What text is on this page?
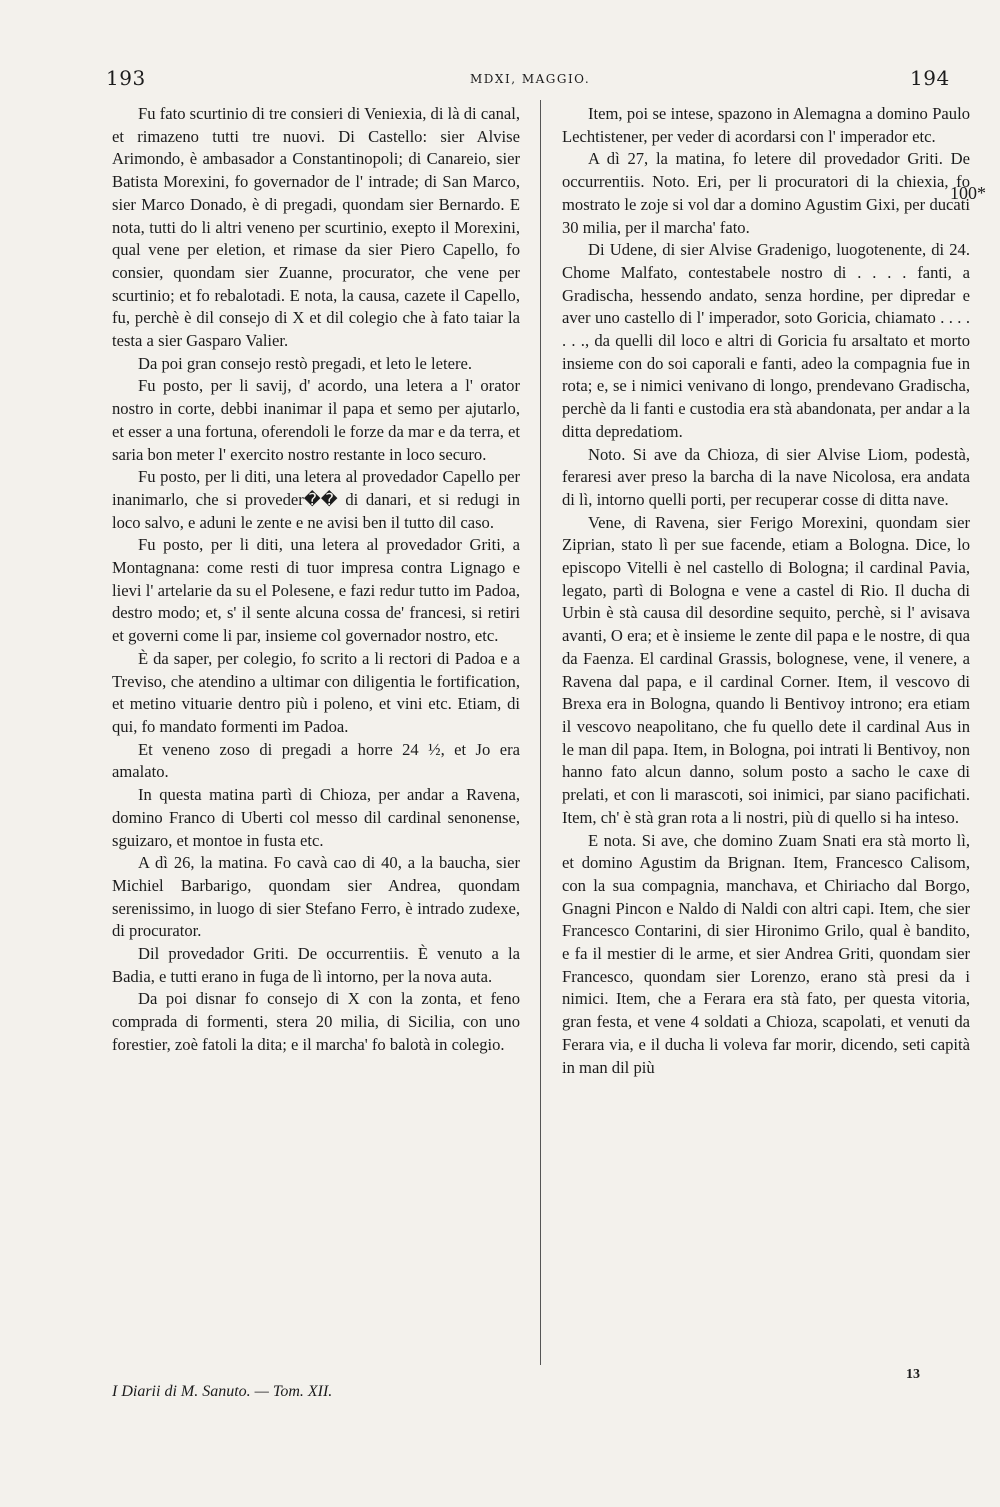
193	MDXI, MAGGIO.	194

Fu fato scurtinio di tre consieri di Veniexia, di là di canal, et rimazeno tutti tre nuovi. Di Castello: sier Alvise Arimondo, è ambasador a Constantinopoli; di Canareio, sier Batista Morexini, fo governador de l' intrade; di San Marco, sier Marco Donado, è di pregadi, quondam sier Bernardo. E nota, tutti do li altri veneno per scurtinio, exepto il Morexini, qual vene per eletion, et rimase da sier Piero Capello, fo consier, quondam sier Zuanne, procurator, che vene per scurtinio; et fo rebalotadi. E nota, la causa, cazete il Capello, fu, perchè è dil consejo di X et dil colegio che à fato taiar la testa a sier Gasparo Valier.

Da poi gran consejo restò pregadi, et leto le letere.

Fu posto, per li savij, d' acordo, una letera a l' orator nostro in corte, debbi inanimar il papa et semo per ajutarlo, et esser a una fortuna, oferendoli le forze da mar e da terra, et saria bon meter l' exercito nostro restante in loco securo.

Fu posto, per li diti, una letera al provedador Capello per inanimarlo, che si proveder�� di danari, et si redugi in loco salvo, e aduni le zente e ne avisi ben il tutto dil caso.

Fu posto, per li diti, una letera al provedador Griti, a Montagnana: come resti di tuor impresa contra Lignago e lievi l' artelarie da su el Polesene, e fazi redur tutto im Padoa, destro modo; et, s' il sente alcuna cossa de' francesi, si retiri et governi come li par, insieme col governador nostro, etc.

È da saper, per colegio, fo scrito a li rectori di Padoa e a Treviso, che atendino a ultimar con diligentia le fortification, et metino vituarie dentro più i poleno, et vini etc. Etiam, di qui, fo mandato formenti im Padoa.

Et veneno zoso di pregadi a horre 24 ½, et Jo era amalato.

In questa matina partì di Chioza, per andar a Ravena, domino Franco di Uberti col messo dil cardinal senonense, sguizaro, et montoe in fusta etc.

A dì 26, la matina. Fo cavà cao di 40, a la baucha, sier Michiel Barbarigo, quondam sier Andrea, quondam serenissimo, in luogo di sier Stefano Ferro, è intrado zudexe, di procurator.

Dil provedador Griti. De occurrentiis. È venuto a la Badia, e tutti erano in fuga de lì intorno, per la nova auta.

Da poi disnar fo consejo di X con la zonta, et feno comprada di formenti, stera 20 milia, di Sicilia, con uno forestier, zoè fatoli la dita; e il marcha' fo balotà in colegio.

Item, poi se intese, spazono in Alemagna a domino Paulo Lechtistener, per veder di acordarsi con l' imperador etc.

A dì 27, la matina, fo letere dil provedador Griti. De occurrentiis. Noto. Eri, per li procuratori di la chiexia, fo mostrato le zoje si vol dar a domino Agustim Gixi, per ducati 30 milia, per il marcha' fato.

Di Udene, di sier Alvise Gradenigo, luogotenente, di 24. Chome Malfato, contestabele nostro di . . . . fanti, a Gradischa, hessendo andato, senza hordine, per dipredar e aver uno castello di l' imperador, soto Goricia, chiamato . . . . . . ., da quelli dil loco e altri di Goricia fu arsaltato et morto insieme con do soi caporali e fanti, adeo la compagnia fue in rota; e, se i nimici venivano di longo, prendevano Gradischa, perchè da li fanti e custodia era stà abandonata, per andar a la ditta depredatiom.

Noto. Si ave da Chioza, di sier Alvise Liom, podestà, feraresi aver preso la barcha di la nave Nicolosa, era andata di lì, intorno quelli porti, per recuperar cosse di ditta nave.

Vene, di Ravena, sier Ferigo Morexini, quondam sier Ziprian, stato lì per sue facende, etiam a Bologna. Dice, lo episcopo Vitelli è nel castello di Bologna; il cardinal Pavia, legato, partì di Bologna e vene a castel di Rio. Il ducha di Urbin è stà causa dil desordine sequito, perchè, si l' avisava avanti, O era; et è insieme le zente dil papa e le nostre, di qua da Faenza. El cardinal Grassis, bolognese, vene, il venere, a Ravena dal papa, e il cardinal Corner. Item, il vescovo di Brexa era in Bologna, quando li Bentivoy introno; era etiam il vescovo neapolitano, che fu quello dete il cardinal Aus in le man dil papa. Item, in Bologna, poi intrati li Bentivoy, non hanno fato alcun danno, solum posto a sacho le caxe di prelati, et con li marascoti, soi inimici, par siano pacifichati. Item, ch' è stà gran rota a li nostri, più di quello si ha inteso.

E nota. Si ave, che domino Zuam Snati era stà morto lì, et domino Agustim da Brignan. Item, Francesco Calisom, con la sua compagnia, manchava, et Chiriacho dal Borgo, Gnagni Pincon e Naldo di Naldi con altri capi. Item, che sier Francesco Contarini, di sier Hironimo Grilo, qual è bandito, e fa il mestier di le arme, et sier Andrea Griti, quondam sier Francesco, quondam sier Lorenzo, erano stà presi da i nimici. Item, che a Ferara era stà fato, per questa vitoria, gran festa, et vene 4 soldati a Chioza, scapolati, et venuti da Ferara via, e il ducha li voleva far morir, dicendo, seti capità in man dil più

100*
13
I Diarii di M. Sanuto. — Tom. XII.
